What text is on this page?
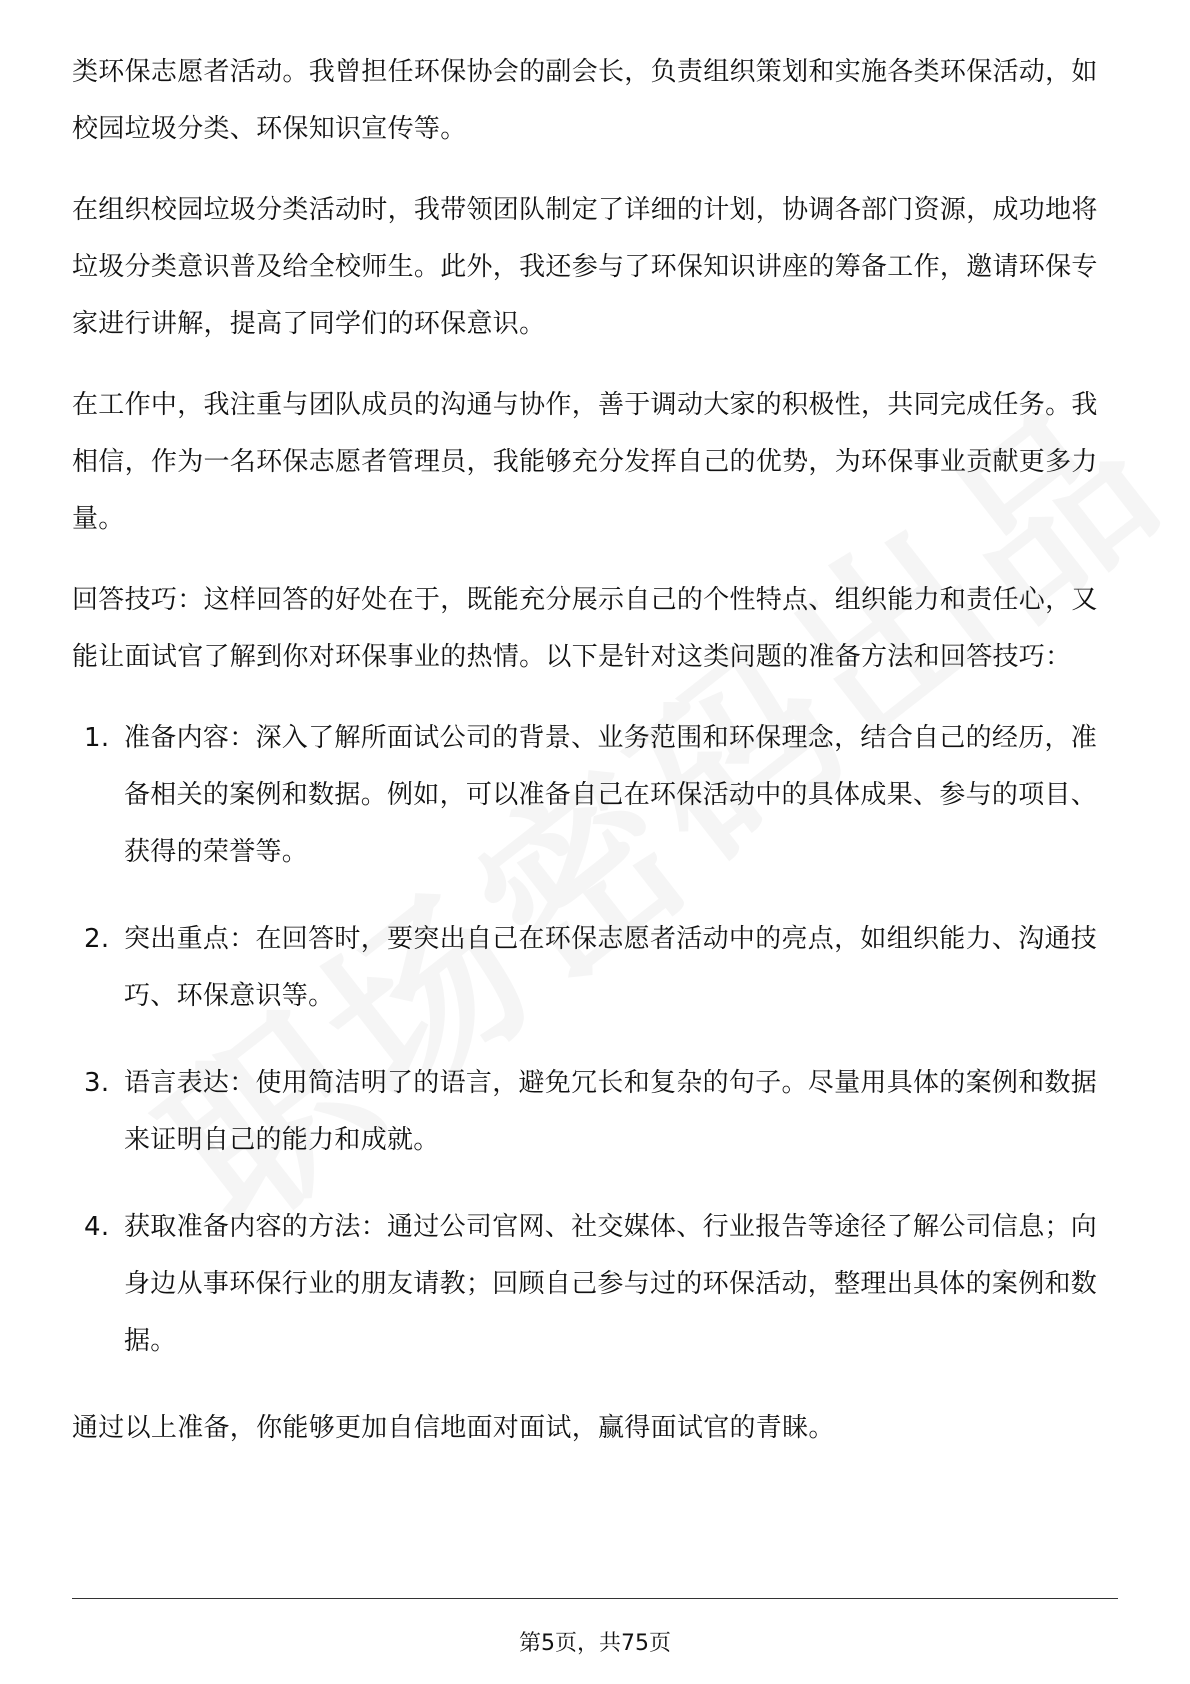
类环保志愿者活动。我曾担任环保协会的副会长，负责组织策划和实施各类环保活动，如校园垃圾分类、环保知识宣传等。

在组织校园垃圾分类活动时，我带领团队制定了详细的计划，协调各部门资源，成功地将垃圾分类意识普及给全校师生。此外，我还参与了环保知识讲座的筹备工作，邀请环保专家进行讲解，提高了同学们的环保意识。

在工作中，我注重与团队成员的沟通与协作，善于调动大家的积极性，共同完成任务。我相信，作为一名环保志愿者管理员，我能够充分发挥自己的优势，为环保事业贡献更多力量。

回答技巧：这样回答的好处在于，既能充分展示自己的个性特点、组织能力和责任心，又能让面试官了解到你对环保事业的热情。以下是针对这类问题的准备方法和回答技巧：

1. 准备内容：深入了解所面试公司的背景、业务范围和环保理念，结合自己的经历，准备相关的案例和数据。例如，可以准备自己在环保活动中的具体成果、参与的项目、获得的荣誉等。
2. 突出重点：在回答时，要突出自己在环保志愿者活动中的亮点，如组织能力、沟通技巧、环保意识等。
3. 语言表达：使用简洁明了的语言，避免冗长和复杂的句子。尽量用具体的案例和数据来证明自己的能力和成就。
4. 获取准备内容的方法：通过公司官网、社交媒体、行业报告等途径了解公司信息；向身边从事环保行业的朋友请教；回顾自己参与过的环保活动，整理出具体的案例和数据。

通过以上准备，你能够更加自信地面对面试，赢得面试官的青睐。

第5页，共75页
